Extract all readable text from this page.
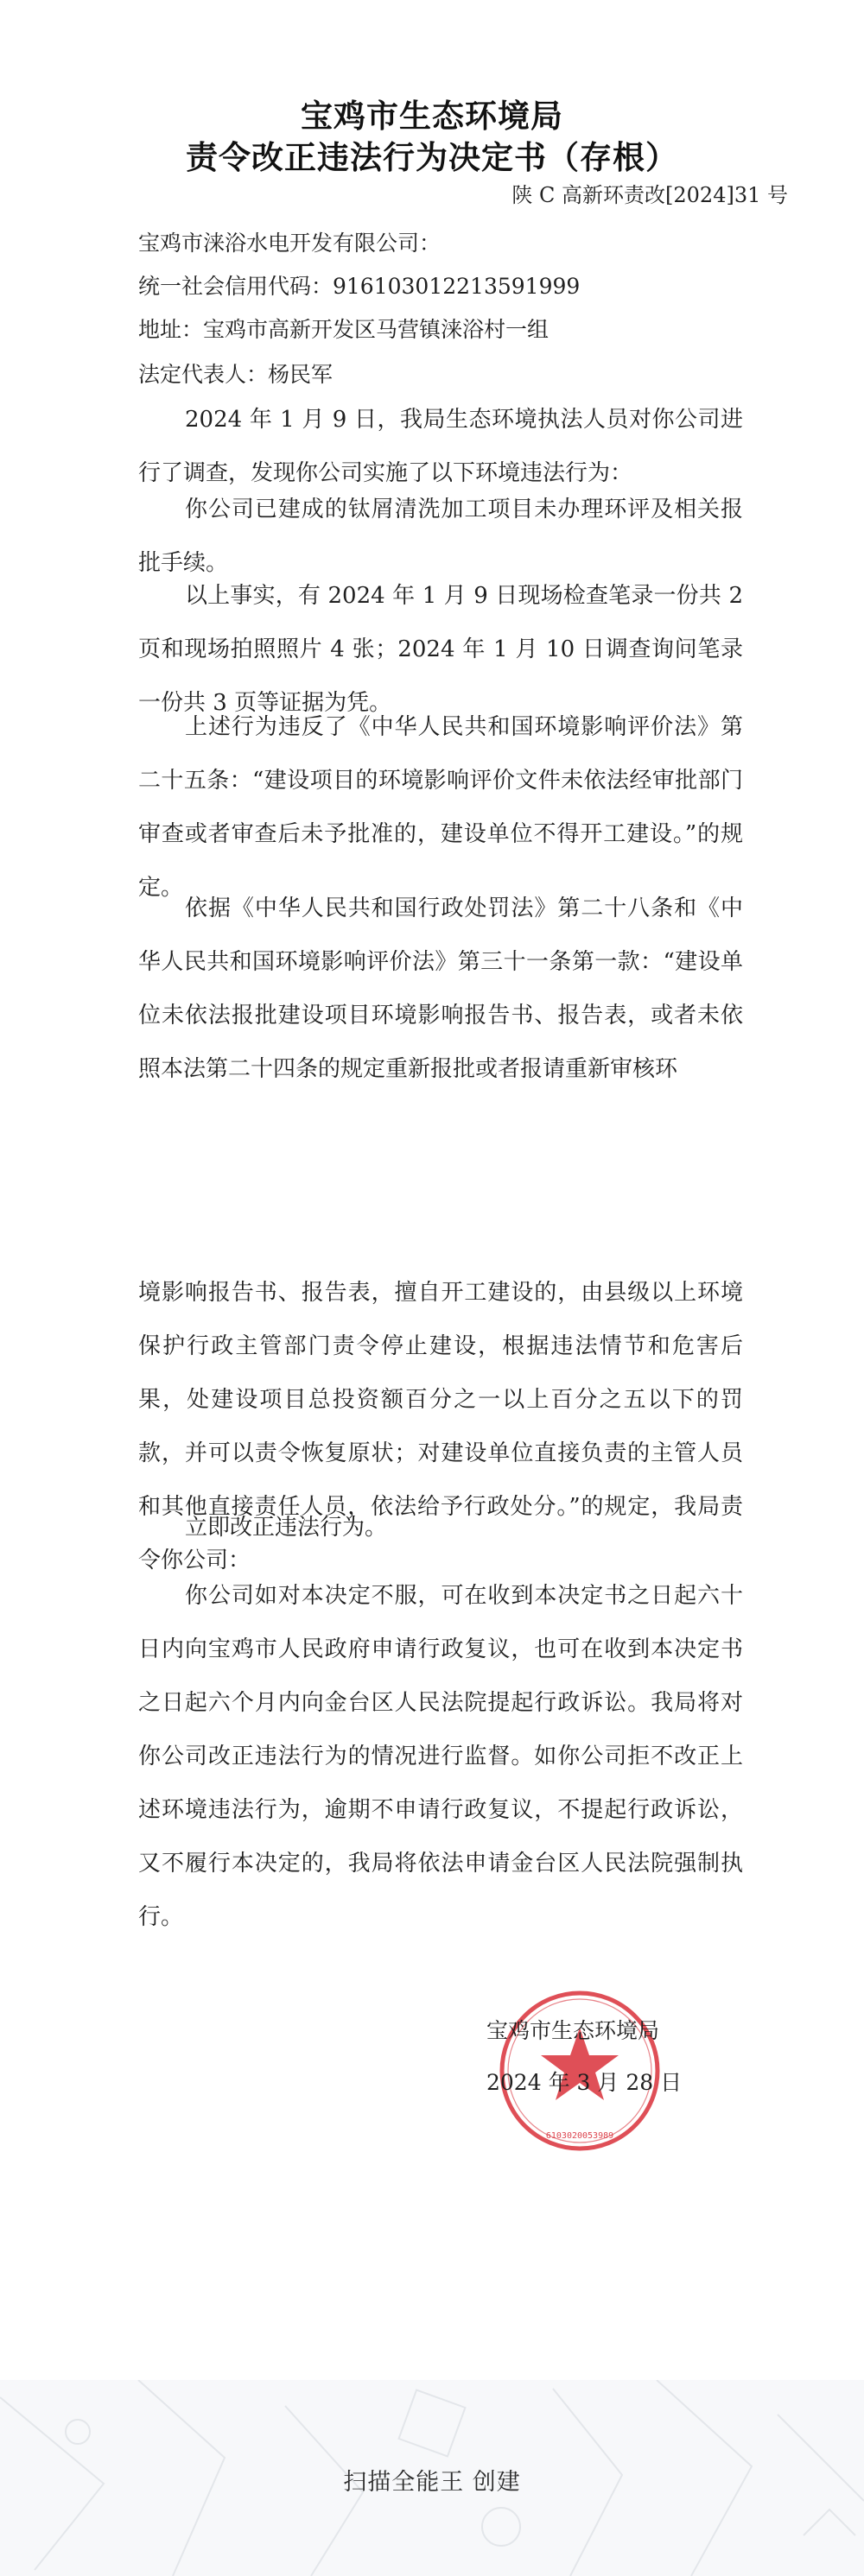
宝鸡市生态环境局
责令改正违法行为决定书（存根）
陕 C 高新环责改[2024]31 号
宝鸡市涞浴水电开发有限公司：
统一社会信用代码：916103012213591999
地址：宝鸡市高新开发区马营镇涞浴村一组
法定代表人：杨民军
2024 年 1 月 9 日，我局生态环境执法人员对你公司进行了调查，发现你公司实施了以下环境违法行为：
你公司已建成的钛屑清洗加工项目未办理环评及相关报批手续。
以上事实，有 2024 年 1 月 9 日现场检查笔录一份共 2 页和现场拍照照片 4 张；2024 年 1 月 10 日调查询问笔录一份共 3 页等证据为凭。
上述行为违反了《中华人民共和国环境影响评价法》第二十五条：“建设项目的环境影响评价文件未依法经审批部门审查或者审查后未予批准的，建设单位不得开工建设。”的规定。
依据《中华人民共和国行政处罚法》第二十八条和《中华人民共和国环境影响评价法》第三十一条第一款：“建设单位未依法报批建设项目环境影响报告书、报告表，或者未依照本法第二十四条的规定重新报批或者报请重新审核环
境影响报告书、报告表，擅自开工建设的，由县级以上环境保护行政主管部门责令停止建设，根据违法情节和危害后果，处建设项目总投资额百分之一以上百分之五以下的罚款，并可以责令恢复原状；对建设单位直接负责的主管人员和其他直接责任人员，依法给予行政处分。”的规定，我局责令你公司：
立即改正违法行为。
你公司如对本决定不服，可在收到本决定书之日起六十日内向宝鸡市人民政府申请行政复议，也可在收到本决定书之日起六个月内向金台区人民法院提起行政诉讼。我局将对你公司改正违法行为的情况进行监督。如你公司拒不改正上述环境违法行为，逾期不申请行政复议，不提起行政诉讼，又不履行本决定的，我局将依法申请金台区人民法院强制执行。
6103020053989
宝鸡市生态环境局
2024 年 3 月 28 日
扫描全能王 创建
